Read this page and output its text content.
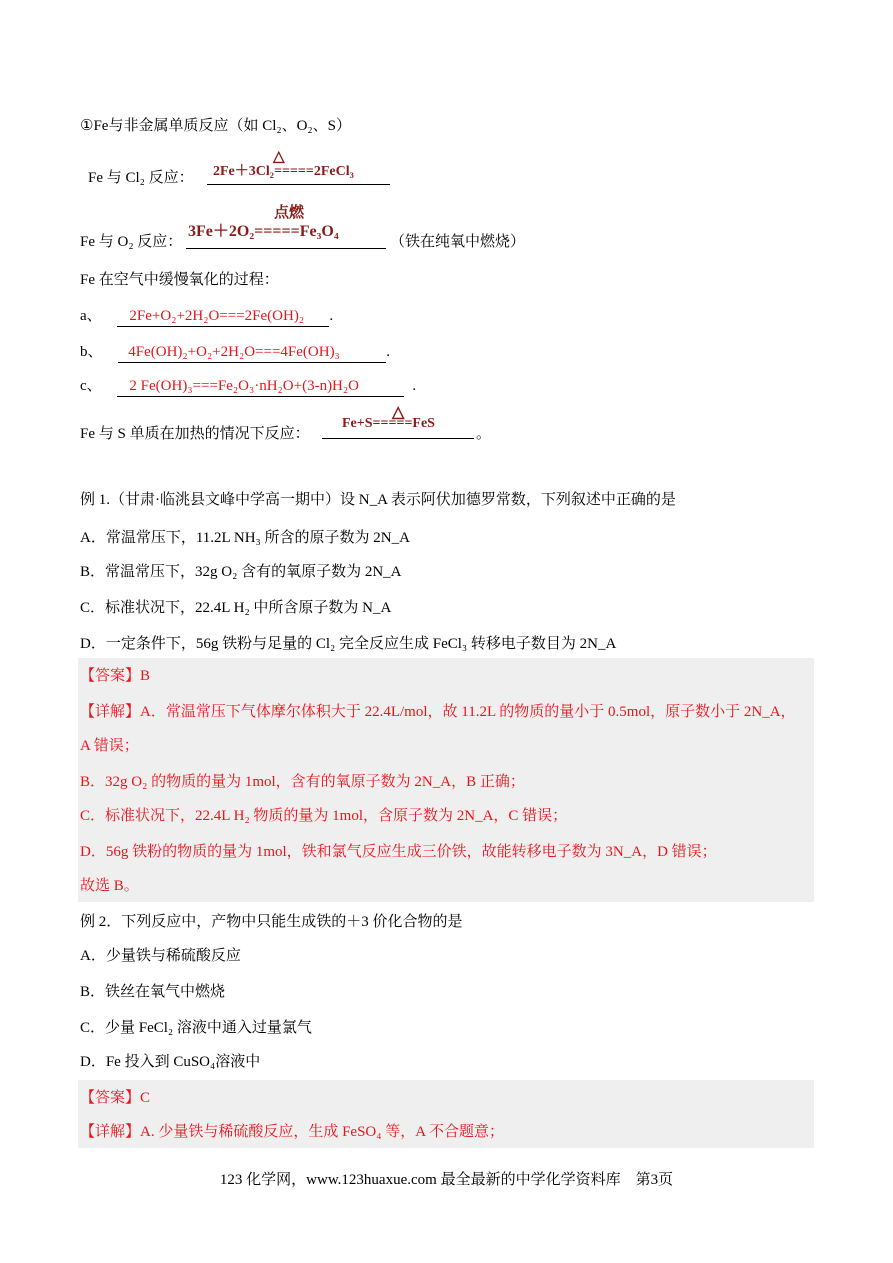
①Fe与非金属单质反应（如 Cl₂、O₂、S）
Fe 与 Cl₂ 反应：
△
2Fe＋3Cl₂=====2FeCl₃
Fe 与 O₂ 反应：
点燃
3Fe＋2O₂=====Fe₃O₄
（铁在纯氧中燃烧）
Fe 在空气中缓慢氧化的过程：
a、 2Fe+O₂+2H₂O===2Fe(OH)₂ .
b、 4Fe(OH)₂+O₂+2H₂O===4Fe(OH)₃	.
c、 2 Fe(OH)₃===Fe₂O₃·nH₂O+(3-n)H₂O	.
Fe 与 S 单质在加热的情况下反应：
△
Fe+S=====FeS
。
例 1.（甘肃·临洮县文峰中学高一期中）设 N_A 表示阿伏加德罗常数，下列叙述中正确的是
A．常温常压下，11.2L NH₃ 所含的原子数为 2N_A
B．常温常压下，32g O₂ 含有的氧原子数为 2N_A
C．标准状况下，22.4L H₂ 中所含原子数为 N_A
D．一定条件下，56g 铁粉与足量的 Cl₂ 完全反应生成 FeCl₃ 转移电子数目为 2N_A
【答案】B
【详解】A．常温常压下气体摩尔体积大于 22.4L/mol，故 11.2L 的物质的量小于 0.5mol，原子数小于 2N_A，
A 错误；
B．32g O₂ 的物质的量为 1mol，含有的氧原子数为 2N_A，B 正确；
C．标准状况下，22.4L H₂ 物质的量为 1mol，含原子数为 2N_A，C 错误；
D．56g 铁粉的物质的量为 1mol，铁和氯气反应生成三价铁，故能转移电子数为 3N_A，D 错误；
故选 B。
例 2．下列反应中，产物中只能生成铁的＋3 价化合物的是
A．少量铁与稀硫酸反应
B．铁丝在氧气中燃烧
C．少量 FeCl₂ 溶液中通入过量氯气
D．Fe 投入到 CuSO₄溶液中
【答案】C
【详解】A. 少量铁与稀硫酸反应，生成 FeSO₄ 等，A 不合题意；
123 化学网，www.123huaxue.com 最全最新的中学化学资料库　第3页
